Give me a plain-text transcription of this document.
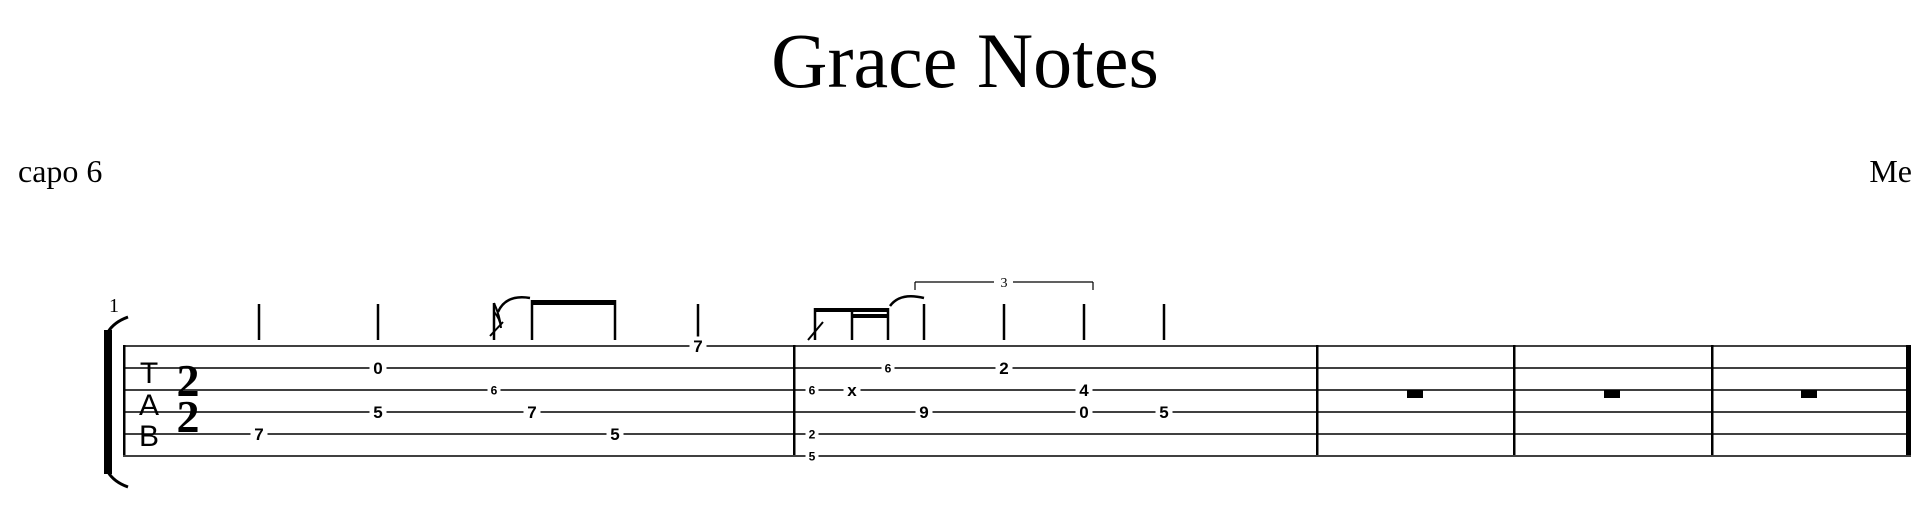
Grace Notes
capo 6	Me
1
T
A
B
2
2
3
7
0
5
6
7
5
7
6
2
5
x
6
9
2
4
0	5
